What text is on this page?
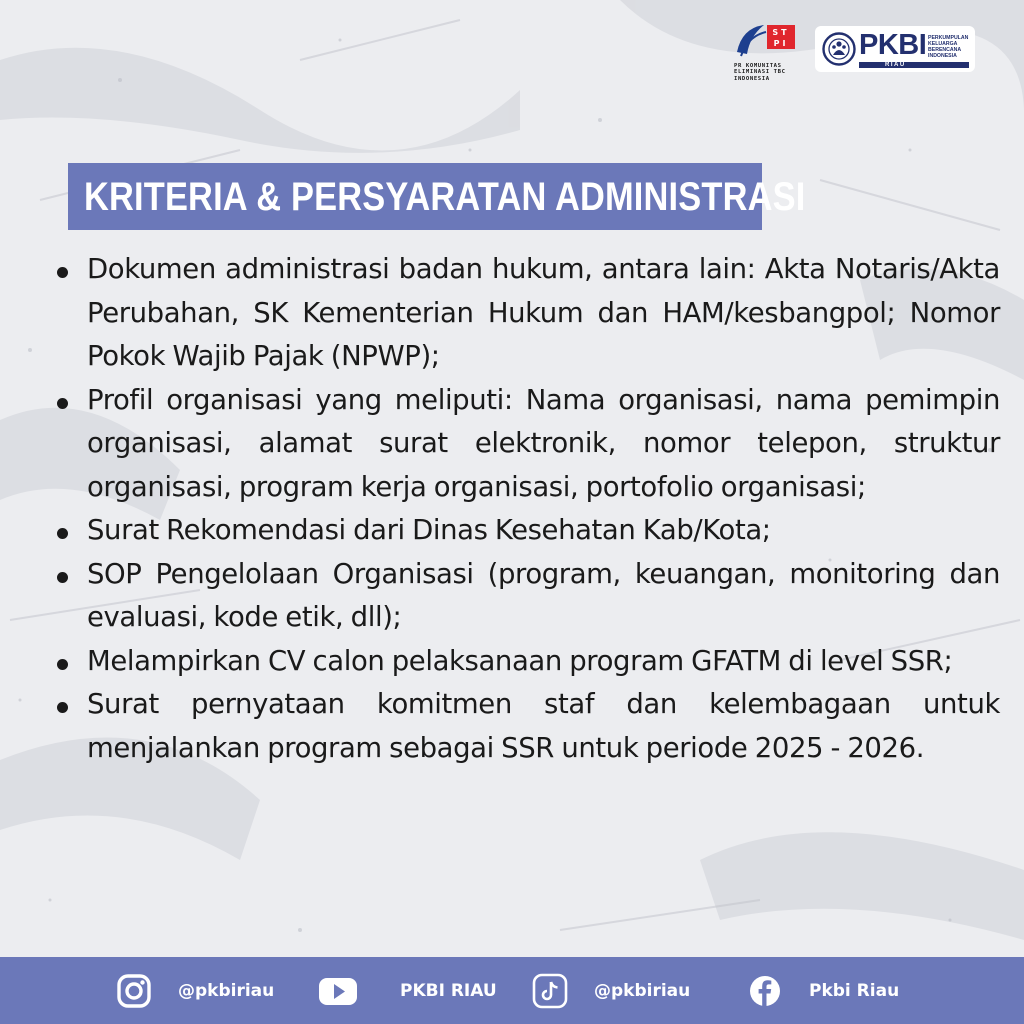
ST
PI
PR KOMUNITAS
ELIMINASI TBC
INDONESIA
PKBI PERKUMPULAN
KELUARGA
BERENCANA
INDONESIA
RIAU
KRITERIA & PERSYARATAN ADMINISTRASI
Dokumen administrasi badan hukum, antara lain: Akta Notaris/Akta Perubahan, SK Kementerian Hukum dan HAM/kesbangpol; Nomor Pokok Wajib Pajak (NPWP);
Profil organisasi yang meliputi: Nama organisasi, nama pemimpin organisasi, alamat surat elektronik, nomor telepon, struktur organisasi, program kerja organisasi, portofolio organisasi;
Surat Rekomendasi dari Dinas Kesehatan Kab/Kota;
SOP Pengelolaan Organisasi (program, keuangan, monitoring dan evaluasi, kode etik, dll);
Melampirkan CV calon pelaksanaan program GFATM di level SSR;
Surat pernyataan komitmen staf dan kelembagaan untuk menjalankan program sebagai SSR untuk periode 2025 - 2026.
@pkbiriau	PKBI RIAU	@pkbiriau	Pkbi Riau
